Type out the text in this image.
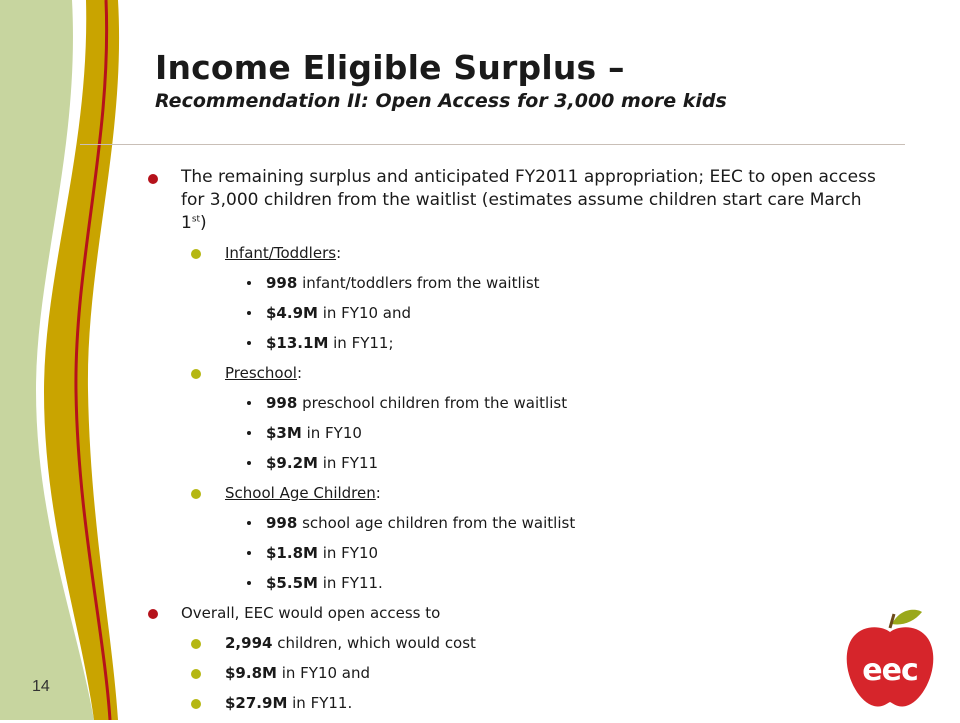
14
Income Eligible Surplus –

Recommendation II: Open Access for 3,000 more kids

The remaining surplus and anticipated FY2011 appropriation; EEC to open access for 3,000 children from the waitlist (estimates assume children start care March 1st)
Infant/Toddlers:
998 infant/toddlers from the waitlist
$4.9M in FY10 and
$13.1M in FY11;
Preschool:
998 preschool children from the waitlist
$3M in FY10
$9.2M in FY11
School Age Children:
998 school age children from the waitlist
$1.8M in FY10
$5.5M in FY11.
Overall, EEC would open access to
2,994 children, which would cost
$9.8M in FY10 and
$27.9M in FY11.
eec
